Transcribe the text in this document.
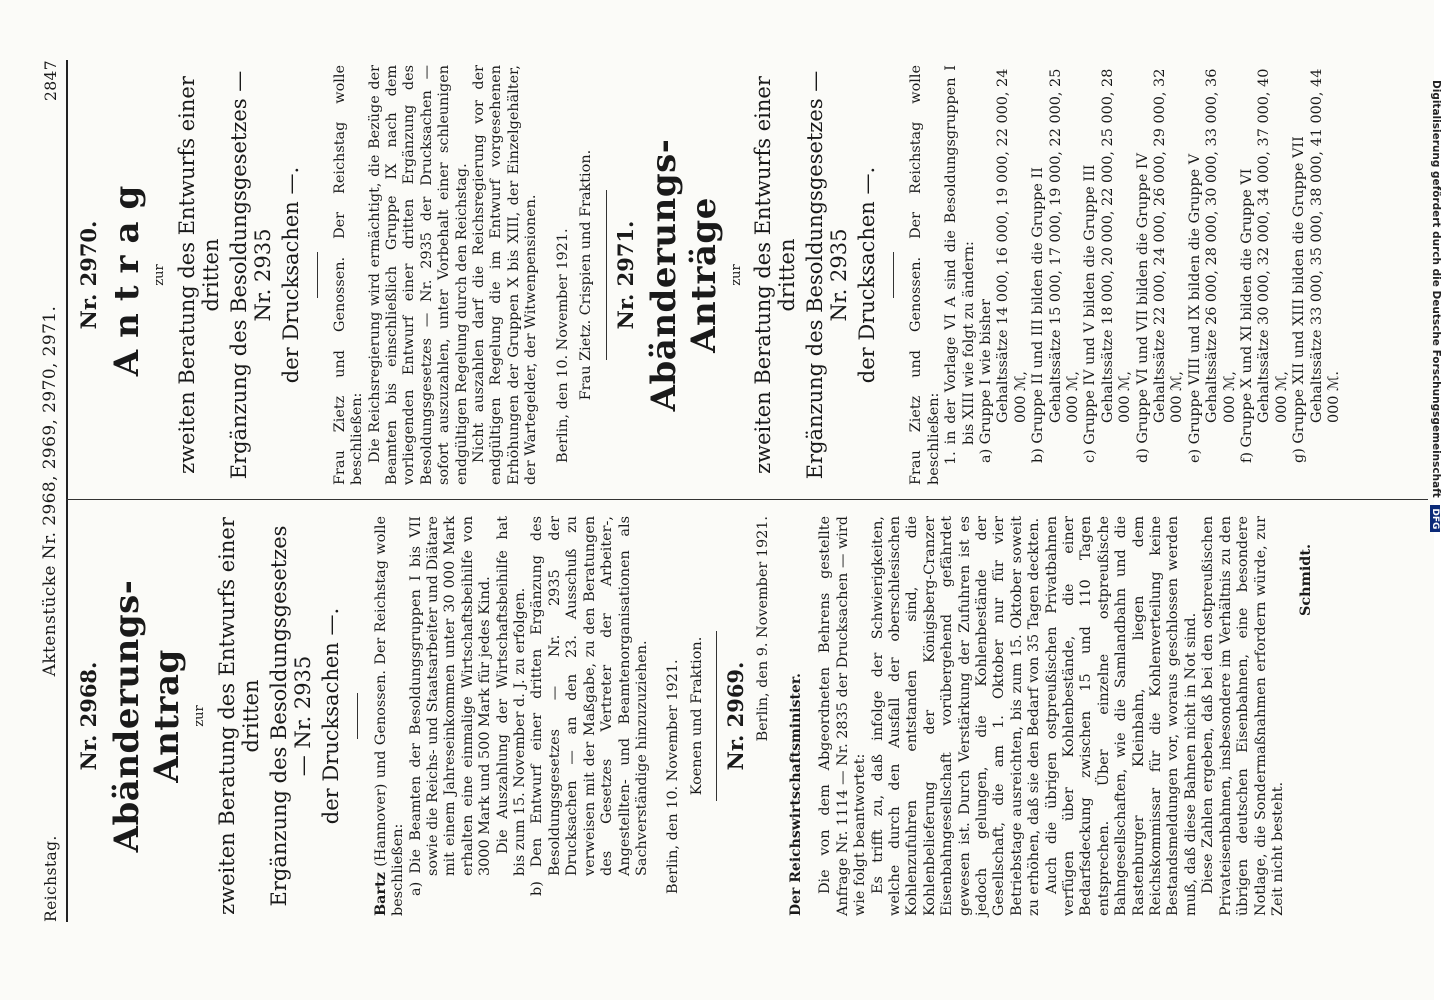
Reichstag.
Aktenstücke Nr. 2968, 2969, 2970, 2971.
2847
Nr. 2968. Abänderungs-Antrag zur zweiten Beratung des Entwurfs einer dritten Ergänzung des Besoldungsgesetzes — Nr. 2935 der Drucksachen —.

Bartz (Hannover) und Genossen. Der Reichstag wolle beschließen: a) Die Beamten der Besoldungsgruppen I bis VII sowie die Reichs- und Staatsarbeiter und Diätare mit einem Jahreseinkommen unter 30 000 Mark erhalten eine einmalige Wirtschaftsbeihilfe von 3000 Mark und 500 Mark für jedes Kind. Die Auszahlung der Wirtschaftsbeihilfe hat bis zum 15. November d. J. zu erfolgen. b) Den Entwurf einer dritten Ergänzung des Besoldungsgesetzes — Nr. 2935 der Drucksachen — an den 23. Ausschuß zu verweisen mit der Maßgabe, zu den Beratungen des Gesetzes Vertreter der Arbeiter-, Angestellten- und Beamtenorganisationen als Sachverständige hinzuzuziehen. Berlin, den 10. November 1921. Koenen und Fraktion. Nr. 2969. Berlin, den 9. November 1921.

Der Reichswirtschaftsminister. Die von dem Abgeordneten Behrens gestellte Anfrage Nr. 1114 — Nr. 2835 der Drucksachen — wird wie folgt beantwortet: Es trifft zu, daß infolge der Schwierigkeiten, welche durch den Ausfall der oberschlesischen Kohlenzufuhren entstanden sind, die Kohlenbelieferung der Königsberg-Cranzer Eisenbahngesellschaft vorübergehend gefährdet gewesen ist. Durch Verstärkung der Zufuhren ist es jedoch gelungen, die Kohlenbestände der Gesellschaft, die am 1. Oktober nur für vier Betriebstage ausreichten, bis zum 15. Oktober soweit zu erhöhen, daß sie den Bedarf von 35 Tagen deckten. Auch die übrigen ostpreußischen Privatbahnen verfügen über Kohlenbestände, die einer Bedarfsdeckung zwischen 15 und 110 Tagen entsprechen. Über einzelne ostpreußische Bahngesellschaften, wie die Samlandbahn und die Rastenburger Kleinbahn, liegen dem Reichskommissar für die Kohlenverteilung keine Bestandsmeldungen vor, woraus geschlossen werden muß, daß diese Bahnen nicht in Not sind. Diese Zahlen ergeben, daß bei den ostpreußischen Privateisenbahnen, insbesondere im Verhältnis zu den übrigen deutschen Eisenbahnen, eine besondere Notlage, die Sondermaßnahmen erfordern würde, zur Zeit nicht besteht.

Schmidt.

Nr. 2970. Antrag zur zweiten Beratung des Entwurfs einer dritten Ergänzung des Besoldungsgesetzes — Nr. 2935 der Drucksachen —. Frau Zietz und Genossen. Der Reichstag wolle beschließen: Die Reichsregierung wird ermächtigt, die Bezüge der Beamten bis einschließlich Gruppe IX nach dem vorliegenden Entwurf einer dritten Ergänzung des Besoldungsgesetzes — Nr. 2935 der Drucksachen — sofort auszuzahlen, unter Vorbehalt einer schleunigen endgültigen Regelung durch den Reichstag. Nicht auszahlen darf die Reichsregierung vor der endgültigen Regelung die im Entwurf vorgesehenen Erhöhungen der Gruppen X bis XIII, der Einzelgehälter, der Wartegelder, der Witwenpensionen. Berlin, den 10. November 1921. Frau Zietz. Crispien und Fraktion. Nr. 2971. Abänderungs-Anträge zur zweiten Beratung des Entwurfs einer dritten Ergänzung des Besoldungsgesetzes — Nr. 2935 der Drucksachen —. Frau Zietz und Genossen. Der Reichstag wolle beschließen: 1. in der Vorlage VI A sind die Besoldungsgruppen I bis XIII wie folgt zu ändern: a) Gruppe I wie bisher Gehaltssätze 14 000, 16 000, 19 000, 22 000, 24 000 ℳ, b) Gruppe II und III bilden die Gruppe II Gehaltssätze 15 000, 17 000, 19 000, 22 000, 25 000 ℳ, c) Gruppe IV und V bilden die Gruppe III Gehaltssätze 18 000, 20 000, 22 000, 25 000, 28 000 ℳ, d) Gruppe VI und VII bilden die Gruppe IV Gehaltssätze 22 000, 24 000, 26 000, 29 000, 32 000 ℳ, e) Gruppe VIII und IX bilden die Gruppe V Gehaltssätze 26 000, 28 000, 30 000, 33 000, 36 000 ℳ, f) Gruppe X und XI bilden die Gruppe VI Gehaltssätze 30 000, 32 000, 34 000, 37 000, 40 000 ℳ, g) Gruppe XII und XIII bilden die Gruppe VII Gehaltssätze 33 000, 35 000, 38 000, 41 000, 44 000 ℳ.	Digitalisierung gefördert durch die Deutsche Forschungsgemeinschaft DFG
